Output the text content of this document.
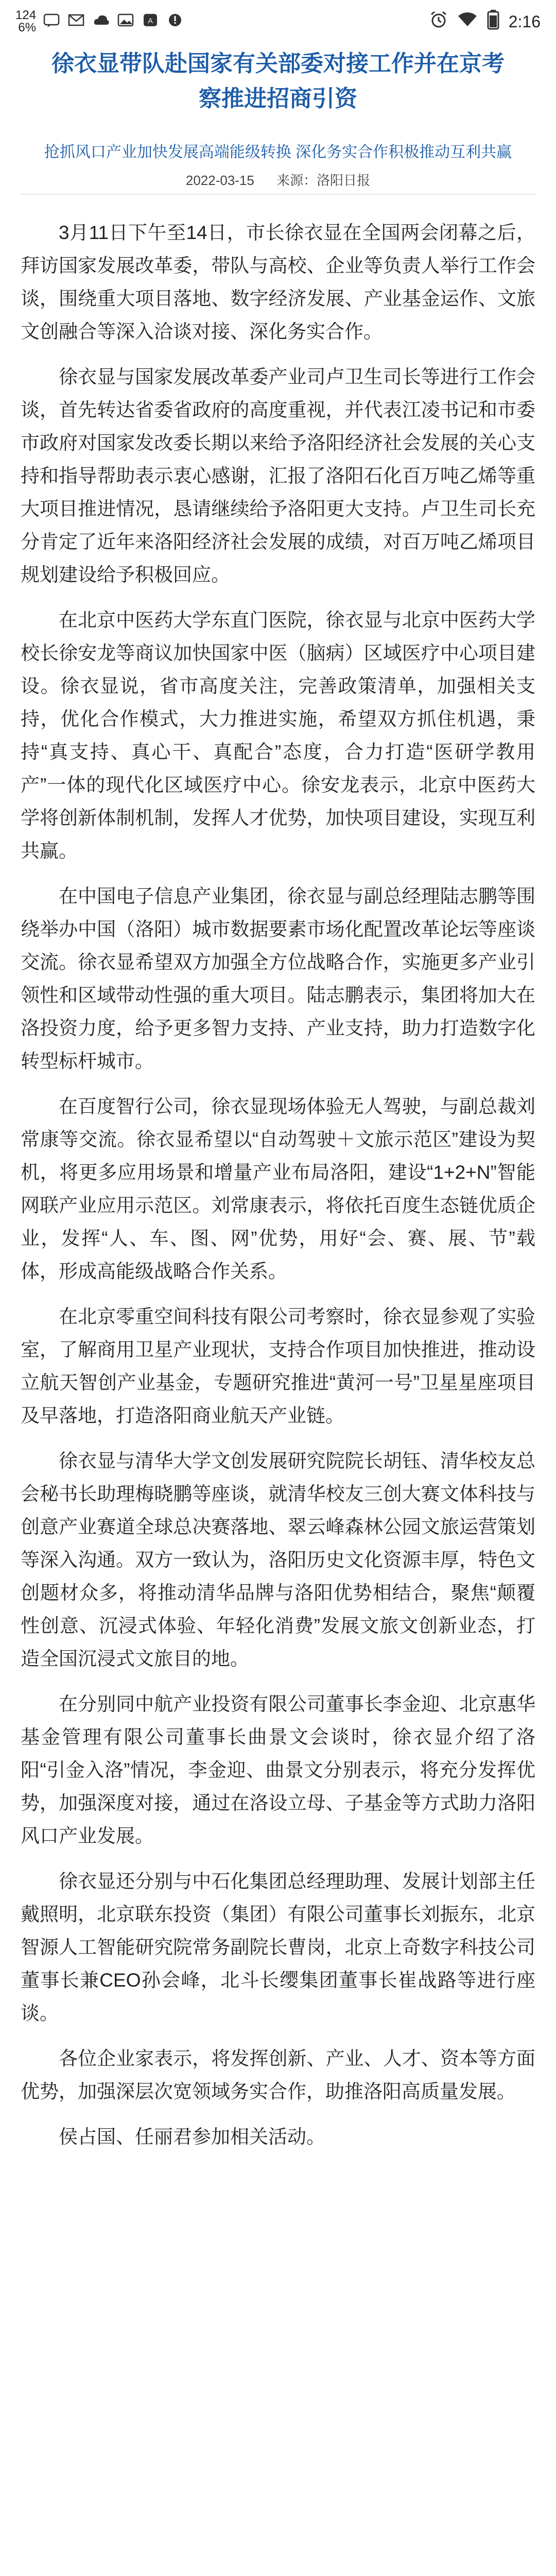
124
6%
A	2:16
徐衣显带队赴国家有关部委对接工作并在京考
察推进招商引资
抢抓风口产业加快发展高端能级转换 深化务实合作积极推动互利共赢
2022-03-15 来源：洛阳日报

3月11日下午至14日，市长徐衣显在全国两会闭幕之后，拜访国家发展改革委，带队与高校、企业等负责人举行工作会谈，围绕重大项目落地、数字经济发展、产业基金运作、文旅文创融合等深入洽谈对接、深化务实合作。

徐衣显与国家发展改革委产业司卢卫生司长等进行工作会谈，首先转达省委省政府的高度重视，并代表江凌书记和市委市政府对国家发改委长期以来给予洛阳经济社会发展的关心支持和指导帮助表示衷心感谢，汇报了洛阳石化百万吨乙烯等重大项目推进情况，恳请继续给予洛阳更大支持。卢卫生司长充分肯定了近年来洛阳经济社会发展的成绩，对百万吨乙烯项目规划建设给予积极回应。

在北京中医药大学东直门医院，徐衣显与北京中医药大学校长徐安龙等商议加快国家中医（脑病）区域医疗中心项目建设。徐衣显说，省市高度关注，完善政策清单，加强相关支持，优化合作模式，大力推进实施，希望双方抓住机遇，秉持“真支持、真心干、真配合”态度，合力打造“医研学教用产”一体的现代化区域医疗中心。徐安龙表示，北京中医药大学将创新体制机制，发挥人才优势，加快项目建设，实现互利共赢。

在中国电子信息产业集团，徐衣显与副总经理陆志鹏等围绕举办中国（洛阳）城市数据要素市场化配置改革论坛等座谈交流。徐衣显希望双方加强全方位战略合作，实施更多产业引领性和区域带动性强的重大项目。陆志鹏表示，集团将加大在洛投资力度，给予更多智力支持、产业支持，助力打造数字化转型标杆城市。

在百度智行公司，徐衣显现场体验无人驾驶，与副总裁刘常康等交流。徐衣显希望以“自动驾驶＋文旅示范区”建设为契机，将更多应用场景和增量产业布局洛阳，建设“1+2+N”智能网联产业应用示范区。刘常康表示，将依托百度生态链优质企业，发挥“人、车、图、网”优势，用好“会、赛、展、节”载体，形成高能级战略合作关系。

在北京零重空间科技有限公司考察时，徐衣显参观了实验室，了解商用卫星产业现状，支持合作项目加快推进，推动设立航天智创产业基金，专题研究推进“黄河一号”卫星星座项目及早落地，打造洛阳商业航天产业链。

徐衣显与清华大学文创发展研究院院长胡钰、清华校友总会秘书长助理梅晓鹏等座谈，就清华校友三创大赛文体科技与创意产业赛道全球总决赛落地、翠云峰森林公园文旅运营策划等深入沟通。双方一致认为，洛阳历史文化资源丰厚，特色文创题材众多，将推动清华品牌与洛阳优势相结合，聚焦“颠覆性创意、沉浸式体验、年轻化消费”发展文旅文创新业态，打造全国沉浸式文旅目的地。

在分别同中航产业投资有限公司董事长李金迎、北京惠华基金管理有限公司董事长曲景文会谈时，徐衣显介绍了洛阳“引金入洛”情况，李金迎、曲景文分别表示，将充分发挥优势，加强深度对接，通过在洛设立母、子基金等方式助力洛阳风口产业发展。

徐衣显还分别与中石化集团总经理助理、发展计划部主任戴照明，北京联东投资（集团）有限公司董事长刘振东，北京智源人工智能研究院常务副院长曹岗，北京上奇数字科技公司董事长兼CEO孙会峰，北斗长缨集团董事长崔战路等进行座谈。

各位企业家表示，将发挥创新、产业、人才、资本等方面优势，加强深层次宽领域务实合作，助推洛阳高质量发展。

侯占国、任丽君参加相关活动。
